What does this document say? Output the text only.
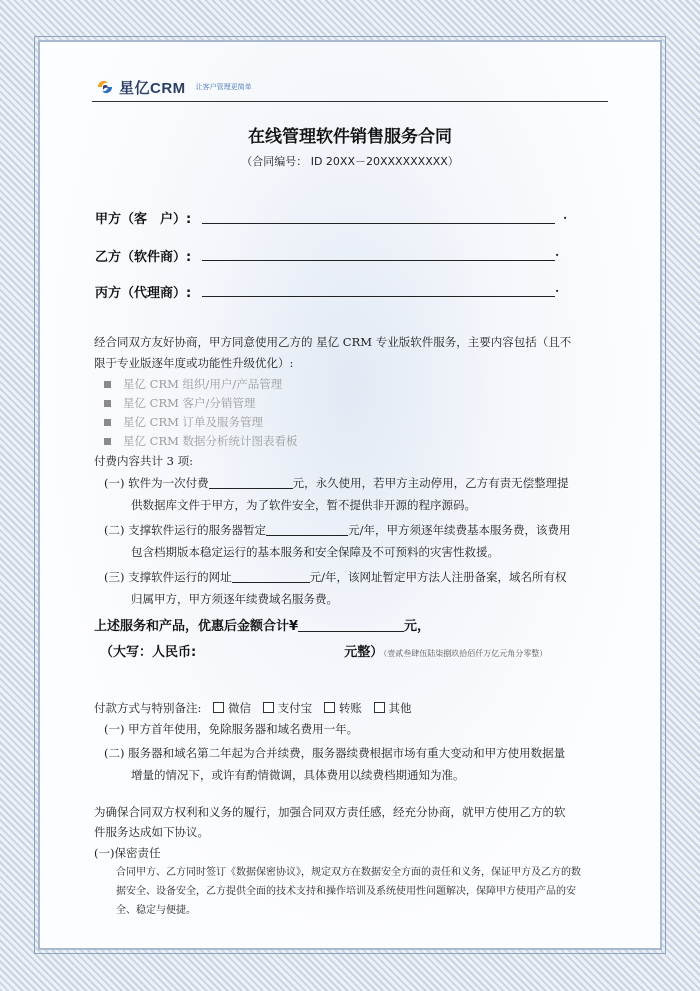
星亿CRM 让客户管理更简单
在线管理软件销售服务合同
（合同编号： ID 20XX－20XXXXXXXXX）
甲方（客　户）:	.
乙方（软件商）:	.
丙方（代理商）:	.
经合同双方友好协商，甲方同意使用乙方的 星亿 CRM 专业版软件服务，主要内容包括（且不
限于专业版逐年度或功能性升级优化）:
星亿 CRM 组织/用户/产品管理
星亿 CRM 客户/分销管理
星亿 CRM 订单及服务管理
星亿 CRM 数据分析统计图表看板
付费内容共计 3 项:
(一) 软件为一次付费	元，永久使用，若甲方主动停用，乙方有责无偿整理提
供数据库文件于甲方，为了软件安全，暂不提供非开源的程序源码。
(二) 支撑软件运行的服务器暂定	元/年，甲方须逐年续费基本服务费，该费用
包含档期版本稳定运行的基本服务和安全保障及不可预料的灾害性救援。
(三) 支撑软件运行的网址	元/年，该网址暂定甲方法人注册备案，域名所有权
归属甲方，甲方须逐年续费域名服务费。
上述服务和产品，优惠后金额合计¥	元，
（大写：人民币:	元整）（壹贰叁肆伍陆柒捌玖拾佰仟万亿元角分零整）
付款方式与特别备注: 微信 支付宝 转账 其他
(一) 甲方首年使用，免除服务器和域名费用一年。
(二) 服务器和域名第二年起为合并续费，服务器续费根据市场有重大变动和甲方使用数据量
增量的情况下，或许有酌情微调，具体费用以续费档期通知为准。
为确保合同双方权利和义务的履行，加强合同双方责任感，经充分协商，就甲方使用乙方的软
件服务达成如下协议。
(一)保密责任
合同甲方、乙方同时签订《数据保密协议》，规定双方在数据安全方面的责任和义务，保证甲方及乙方的数
据安全、设备安全，乙方提供全面的技术支持和操作培训及系统使用性问题解决，保障甲方使用产品的安
全、稳定与便捷。
